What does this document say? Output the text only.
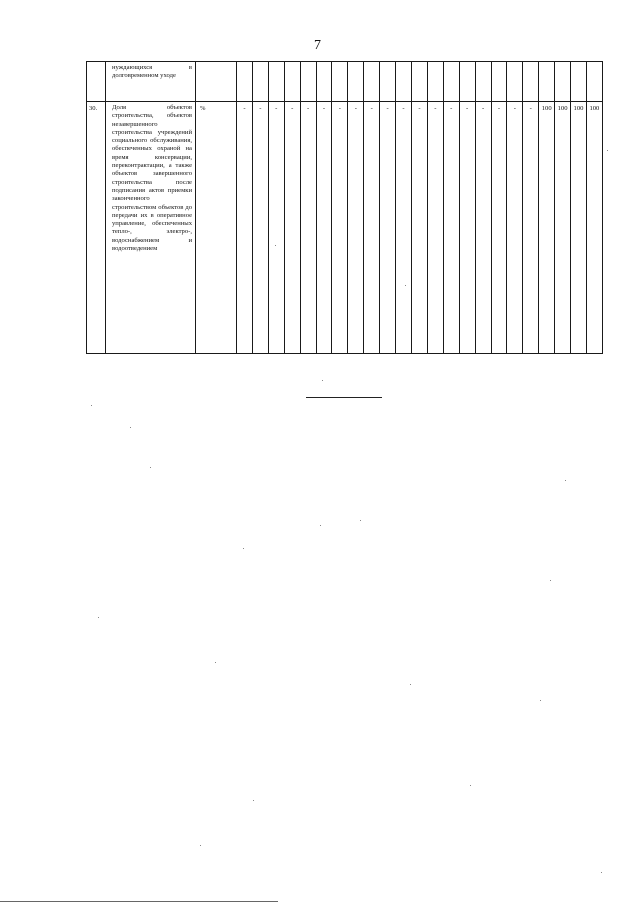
7
	нуждающихся в долговременном уходе																								
30.	Доля объектов строительства, объектов незавершенного строительства учреждений социального обслуживания, обеспеченных охраной на время консервации, переконтрактации, а также объектов завершенного строительства после подписания актов приемки законченного строительством объектов до передачи их в оперативное управление, обеспеченных тепло-, электро-, водоснабжением и водоотведением	%	-	-	-	-	-	-	-	-	-	-	-	-	-	-	-	-	-	-	-	100	100	100	100
